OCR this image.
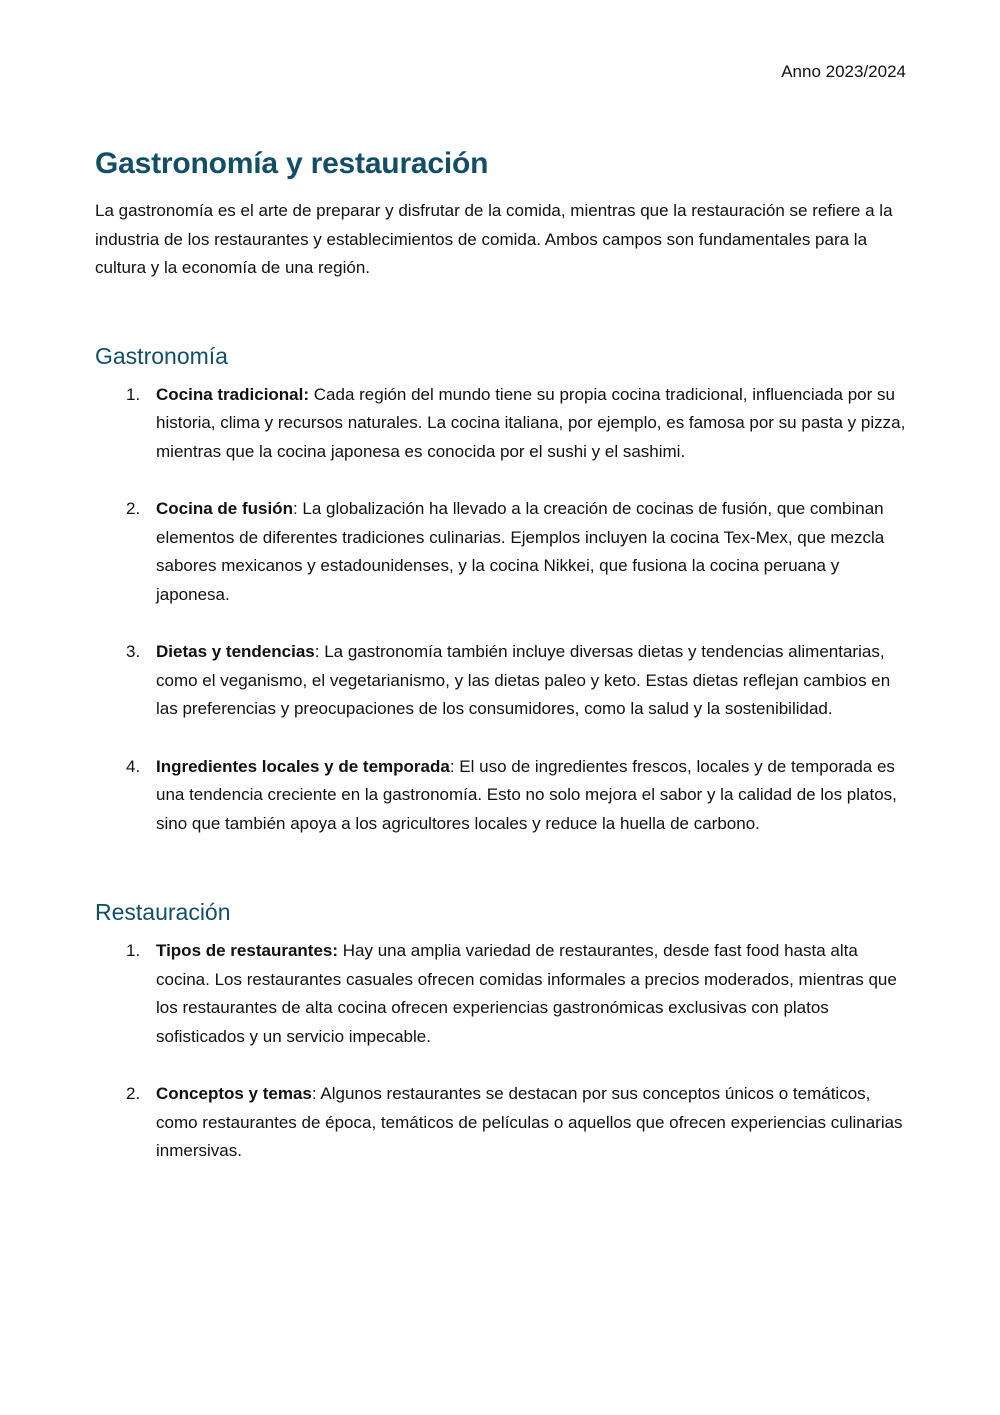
Anno 2023/2024
Gastronomía y restauración

La gastronomía es el arte de preparar y disfrutar de la comida, mientras que la restauración se refiere a la industria de los restaurantes y establecimientos de comida. Ambos campos son fundamentales para la cultura y la economía de una región.

Gastronomía
1. Cocina tradicional: Cada región del mundo tiene su propia cocina tradicional, influenciada por su historia, clima y recursos naturales. La cocina italiana, por ejemplo, es famosa por su pasta y pizza, mientras que la cocina japonesa es conocida por el sushi y el sashimi.
2. Cocina de fusión: La globalización ha llevado a la creación de cocinas de fusión, que combinan elementos de diferentes tradiciones culinarias. Ejemplos incluyen la cocina Tex-Mex, que mezcla sabores mexicanos y estadounidenses, y la cocina Nikkei, que fusiona la cocina peruana y japonesa.
3. Dietas y tendencias: La gastronomía también incluye diversas dietas y tendencias alimentarias, como el veganismo, el vegetarianismo, y las dietas paleo y keto. Estas dietas reflejan cambios en las preferencias y preocupaciones de los consumidores, como la salud y la sostenibilidad.
4. Ingredientes locales y de temporada: El uso de ingredientes frescos, locales y de temporada es una tendencia creciente en la gastronomía. Esto no solo mejora el sabor y la calidad de los platos, sino que también apoya a los agricultores locales y reduce la huella de carbono.
Restauración
1. Tipos de restaurantes: Hay una amplia variedad de restaurantes, desde fast food hasta alta cocina. Los restaurantes casuales ofrecen comidas informales a precios moderados, mientras que los restaurantes de alta cocina ofrecen experiencias gastronómicas exclusivas con platos sofisticados y un servicio impecable.
2. Conceptos y temas: Algunos restaurantes se destacan por sus conceptos únicos o temáticos, como restaurantes de época, temáticos de películas o aquellos que ofrecen experiencias culinarias inmersivas.
